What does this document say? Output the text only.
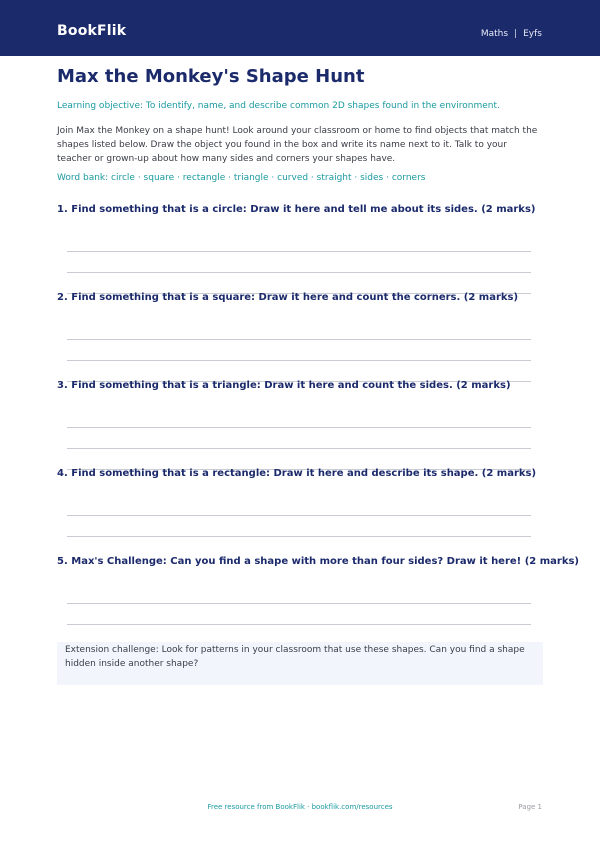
BookFlik	Maths | Eyfs
Max the Monkey's Shape Hunt

Learning objective: To identify, name, and describe common 2D shapes found in the environment.

Join Max the Monkey on a shape hunt! Look around your classroom or home to find objects that match the shapes listed below. Draw the object you found in the box and write its name next to it. Talk to your teacher or grown-up about how many sides and corners your shapes have.

Word bank: circle · square · rectangle · triangle · curved · straight · sides · corners

1. Find something that is a circle: Draw it here and tell me about its sides. (2 marks)

2. Find something that is a square: Draw it here and count the corners. (2 marks)

3. Find something that is a triangle: Draw it here and count the sides. (2 marks)

4. Find something that is a rectangle: Draw it here and describe its shape. (2 marks)

5. Max's Challenge: Can you find a shape with more than four sides? Draw it here! (2 marks)

Extension challenge: Look for patterns in your classroom that use these shapes. Can you find a shape hidden inside another shape?

Free resource from BookFlik · bookflik.com/resources	Page 1
